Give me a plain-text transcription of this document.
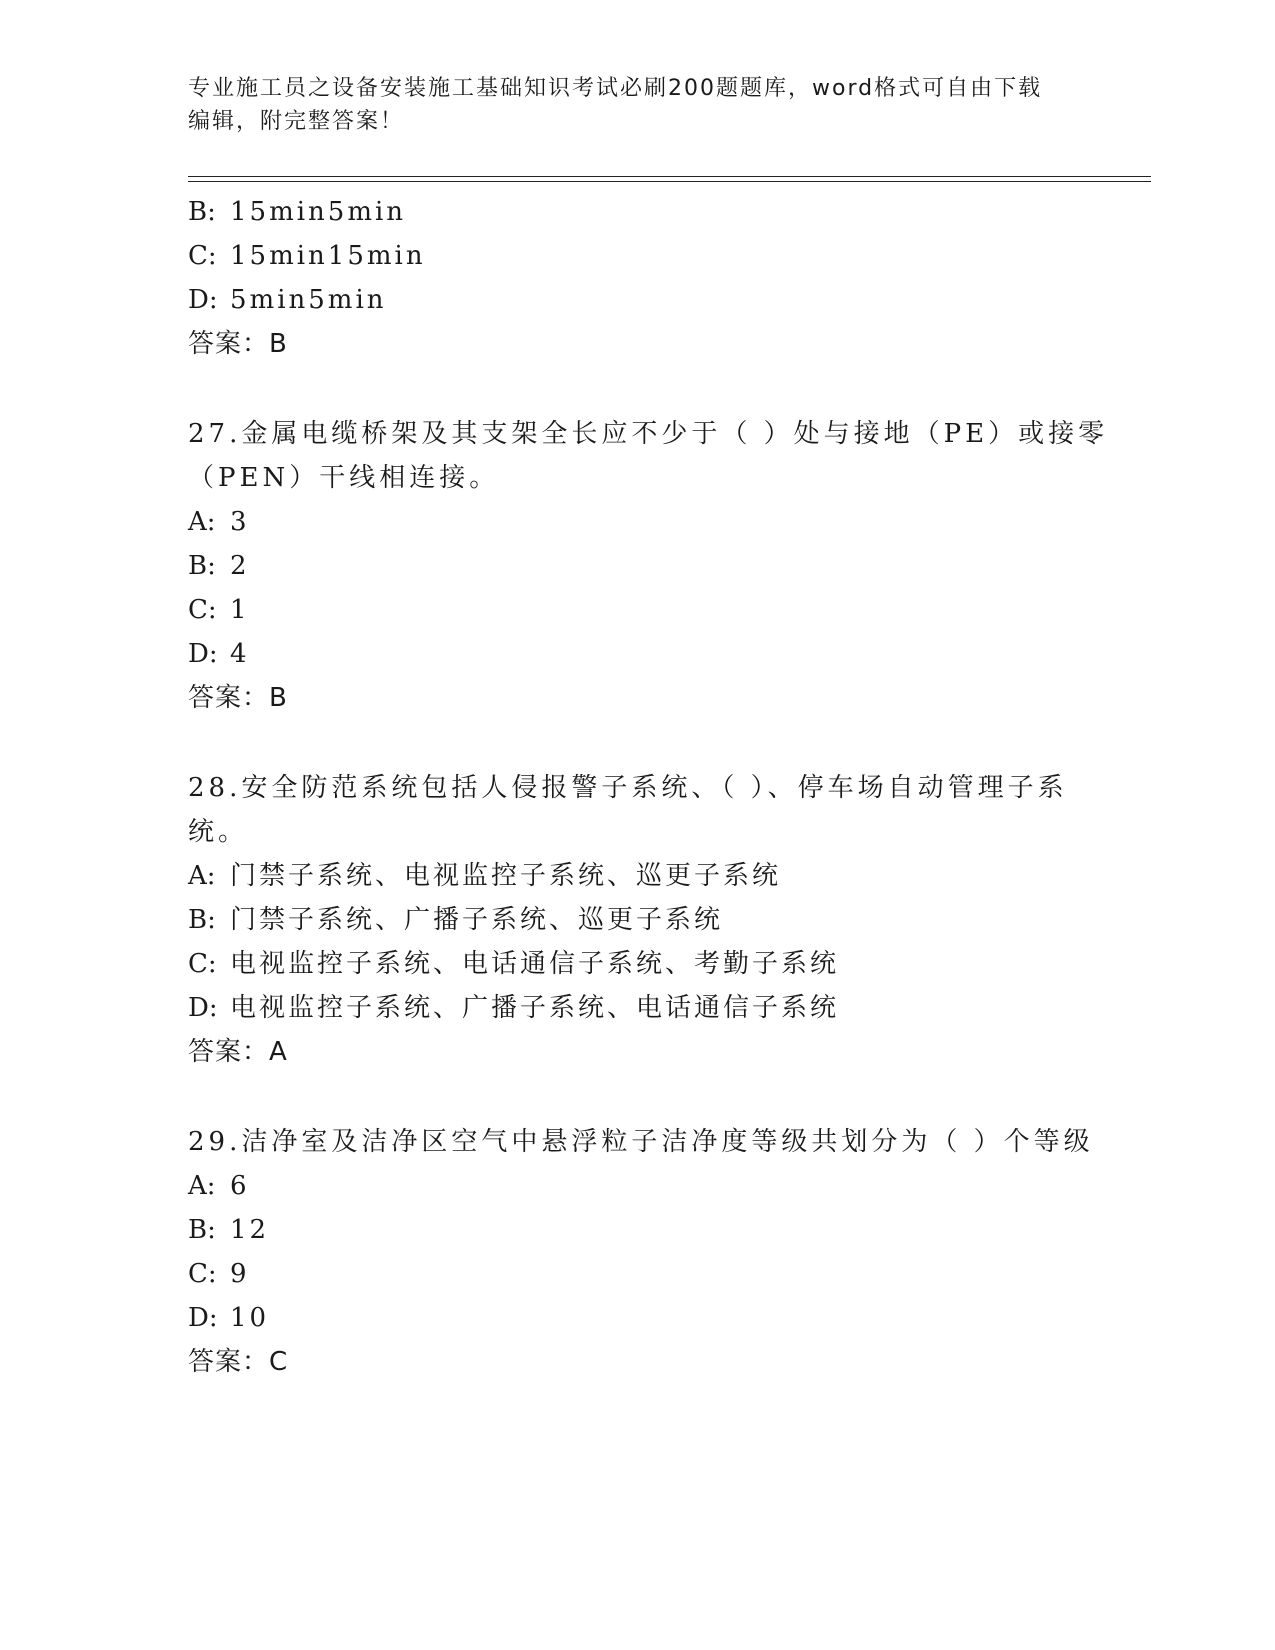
专业施工员之设备安装施工基础知识考试必刷200题题库，word格式可自由下载
编辑，附完整答案！
B: 15min5min
C: 15min15min
D: 5min5min
答案：B
27.金属电缆桥架及其支架全长应不少于（ ）处与接地（PE）或接零
（PEN）干线相连接。
A: 3
B: 2
C: 1
D: 4
答案：B
28.安全防范系统包括人侵报警子系统、（ ）、停车场自动管理子系
统。
A: 门禁子系统、电视监控子系统、巡更子系统
B: 门禁子系统、广播子系统、巡更子系统
C: 电视监控子系统、电话通信子系统、考勤子系统
D: 电视监控子系统、广播子系统、电话通信子系统
答案：A
29.洁净室及洁净区空气中悬浮粒子洁净度等级共划分为（ ）个等级
A: 6
B: 12
C: 9
D: 10
答案：C
